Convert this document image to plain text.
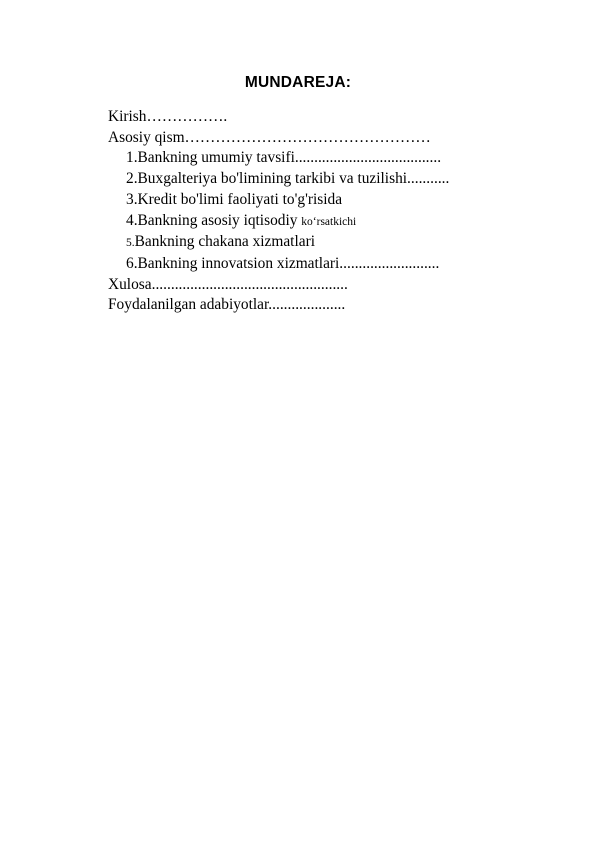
MUNDAREJA:
Kirish…………….
Asosiy qism…………………………………………
1.Bankning umumiy tavsifi......................................
2.Buxgalteriya bo'limining tarkibi va tuzilishi...........
3.Kredit bo'limi faoliyati to'g'risida
4.Bankning asosiy iqtisodiy ko‘rsatkichi
5.Bankning chakana xizmatlari
6.Bankning innovatsion xizmatlari..........................
Xulosa...................................................
Foydalanilgan adabiyotlar....................
